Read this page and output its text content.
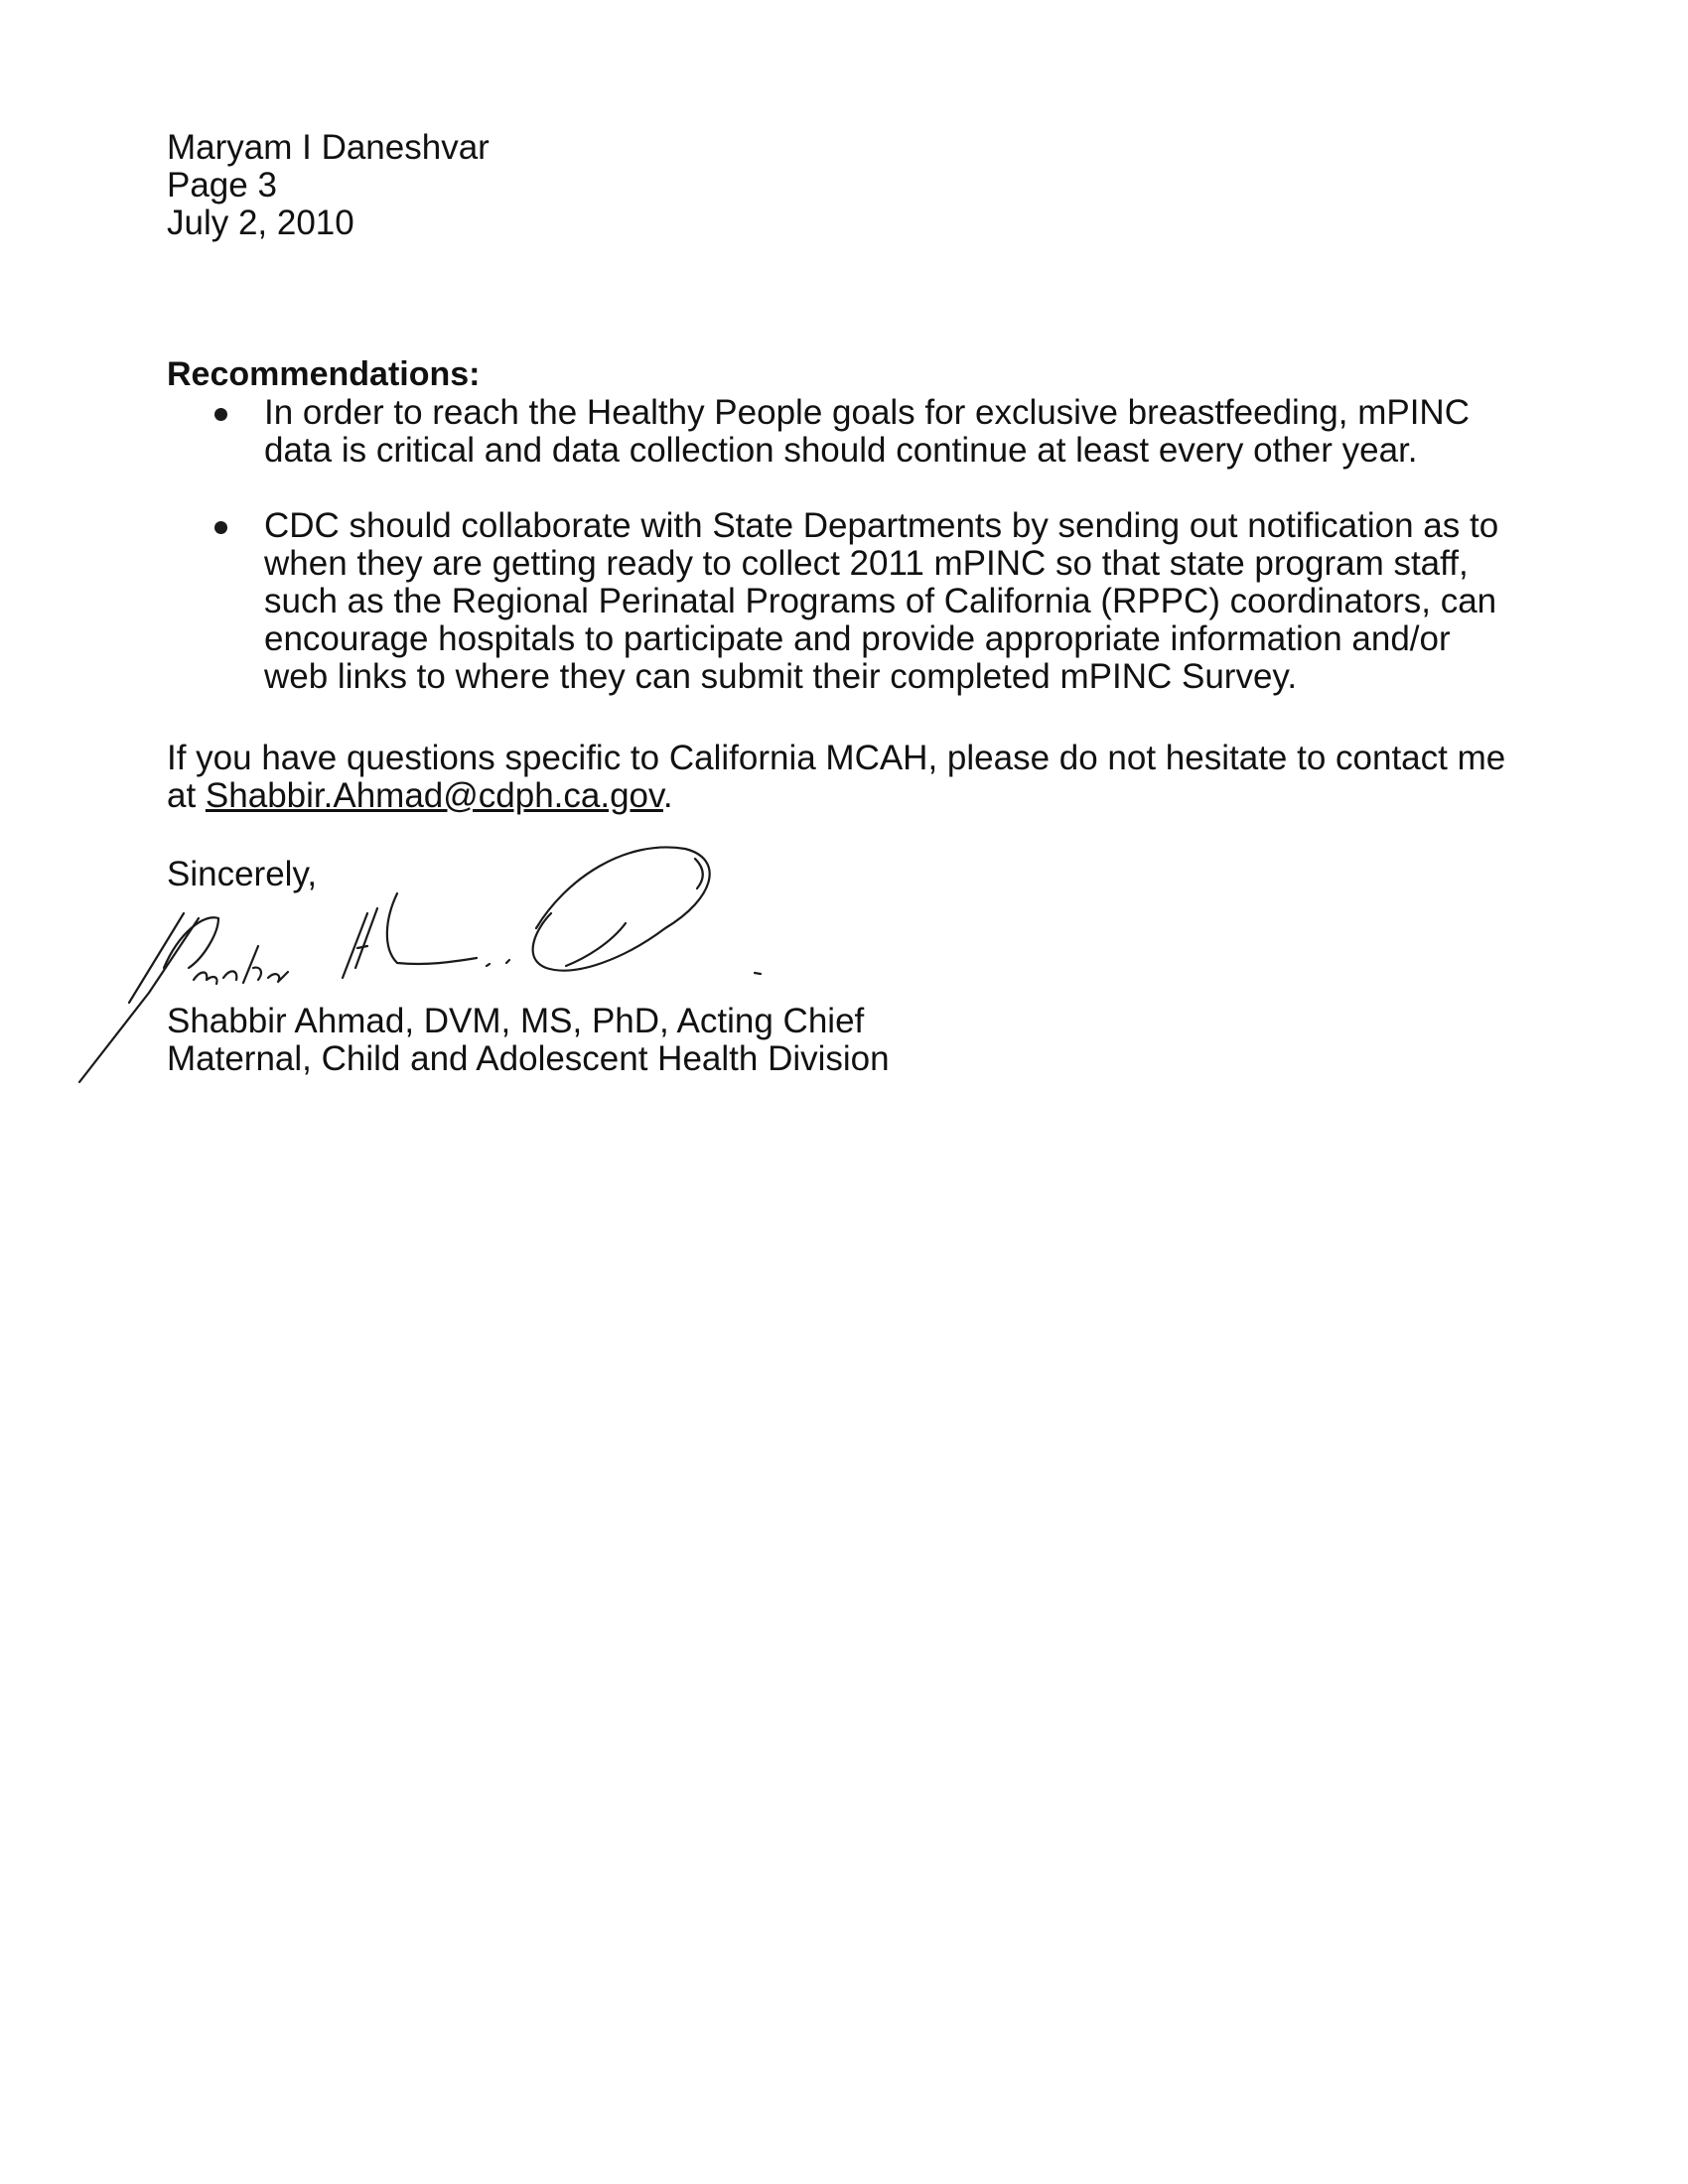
Maryam I Daneshvar
Page 3
July 2, 2010
Recommendations:
In order to reach the Healthy People goals for exclusive breastfeeding, mPINC
data is critical and data collection should continue at least every other year.
CDC should collaborate with State Departments by sending out notification as to
when they are getting ready to collect 2011 mPINC so that state program staff,
such as the Regional Perinatal Programs of California (RPPC) coordinators, can
encourage hospitals to participate and provide appropriate information and/or
web links to where they can submit their completed mPINC Survey.
If you have questions specific to California MCAH, please do not hesitate to contact me
at Shabbir.Ahmad@cdph.ca.gov.
Sincerely,
Shabbir Ahmad, DVM, MS, PhD, Acting Chief
Maternal, Child and Adolescent Health Division
